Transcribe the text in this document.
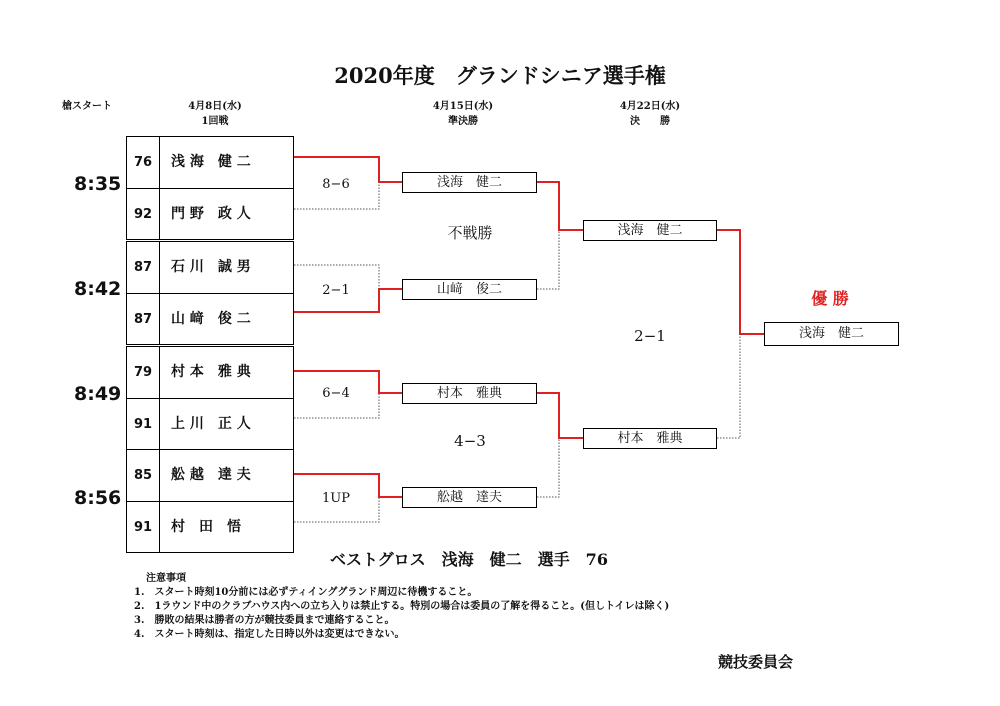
2020年度　グランドシニア選手権
槍スタート	4月8日(水)
1回戦
4月15日(水)
準決勝
4月22日(水)
決　　勝
8:35
8:42
8:49
8:56
76	浅 海　健 二
92	門 野　政 人
87	石 川　誠 男
87	山 﨑　俊 二
79	村 本　雅 典
91	上 川　正 人
85	舩 越　達 夫
91	村　田　悟
8−6
2−1
6−4
1UP
浅海　健二
山﨑　俊二
村本　雅典
舩越　達夫
不戦勝
4−3
浅海　健二
村本　雅典
2−1
優 勝
浅海　健二
ベストグロス　浅海　健二　選手　76
注意事項
1.　スタート時刻10分前には必ずティインググランド周辺に待機すること。
2.　1ラウンド中のクラブハウス内への立ち入りは禁止する。特別の場合は委員の了解を得ること。(但しトイレは除く)
3.　勝敗の結果は勝者の方が競技委員まで連絡すること。
4.　スタート時刻は、指定した日時以外は変更はできない。
競技委員会
